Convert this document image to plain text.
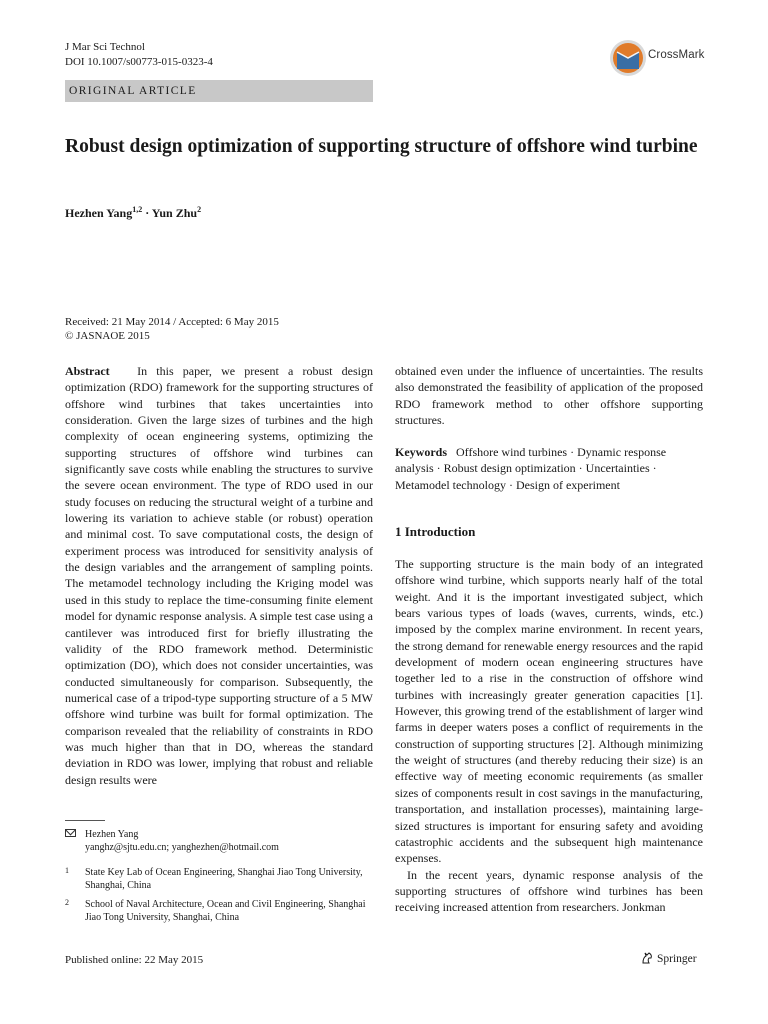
J Mar Sci Technol
DOI 10.1007/s00773-015-0323-4
CrossMark
ORIGINAL ARTICLE
Robust design optimization of supporting structure of offshore wind turbine
Hezhen Yang$^{1,2}$ · Yun Zhu$^2$
Received: 21 May 2014 / Accepted: 6 May 2015
© JASNAOE 2015

Abstract In this paper, we present a robust design optimization (RDO) framework for the supporting structures of offshore wind turbines that takes uncertainties into consideration. Given the large sizes of turbines and the high complexity of ocean engineering systems, optimizing the supporting structures of offshore wind turbines can significantly save costs while enabling the structures to survive the severe ocean environment. The type of RDO used in our study focuses on reducing the structural weight of a turbine and lowering its variation to achieve stable (or robust) operation and minimal cost. To save computational costs, the design of experiment process was introduced for sensitivity analysis of the design variables and the arrangement of sampling points. The metamodel technology including the Kriging model was used in this study to replace the time-consuming finite element model for dynamic response analysis. A simple test case using a cantilever was introduced first for briefly illustrating the validity of the RDO framework method. Deterministic optimization (DO), which does not consider uncertainties, was conducted simultaneously for comparison. Subsequently, the numerical case of a tripod-type supporting structure of a 5 MW offshore wind turbine was built for formal optimization. The comparison revealed that the reliability of constraints in RDO was much higher than that in DO, whereas the standard deviation in RDO was lower, implying that robust and reliable design results were

obtained even under the influence of uncertainties. The results also demonstrated the feasibility of application of the proposed RDO framework method to other offshore supporting structures.

Keywords Offshore wind turbines · Dynamic response analysis · Robust design optimization · Uncertainties · Metamodel technology · Design of experiment
1 Introduction

The supporting structure is the main body of an integrated offshore wind turbine, which supports nearly half of the total weight. And it is the important investigated subject, which bears various types of loads (waves, currents, winds, etc.) imposed by the complex marine environment. In recent years, the strong demand for renewable energy resources and the rapid development of modern ocean engineering structures have together led to a rise in the construction of offshore wind turbines with increasingly greater generation capacities [1]. However, this growing trend of the establishment of larger wind farms in deeper waters poses a conflict of requirements in the construction of supporting structures [2]. Although minimizing the weight of structures (and thereby reducing their size) is an effective way of meeting economic requirements (as smaller sizes of components result in cost savings in the manufacturing, transportation, and installation processes), maintaining large-sized structures is important for ensuring safety and avoiding catastrophic accidents and the subsequent high maintenance expenses.

In the recent years, dynamic response analysis of the supporting structures of offshore wind turbines has been receiving increased attention from researchers. Jonkman

Hezhen Yang
yanghz@sjtu.edu.cn; yanghezhen@hotmail.com
1	State Key Lab of Ocean Engineering, Shanghai Jiao Tong University, Shanghai, China
2	School of Naval Architecture, Ocean and Civil Engineering, Shanghai Jiao Tong University, Shanghai, China
Published online: 22 May 2015	Springer
